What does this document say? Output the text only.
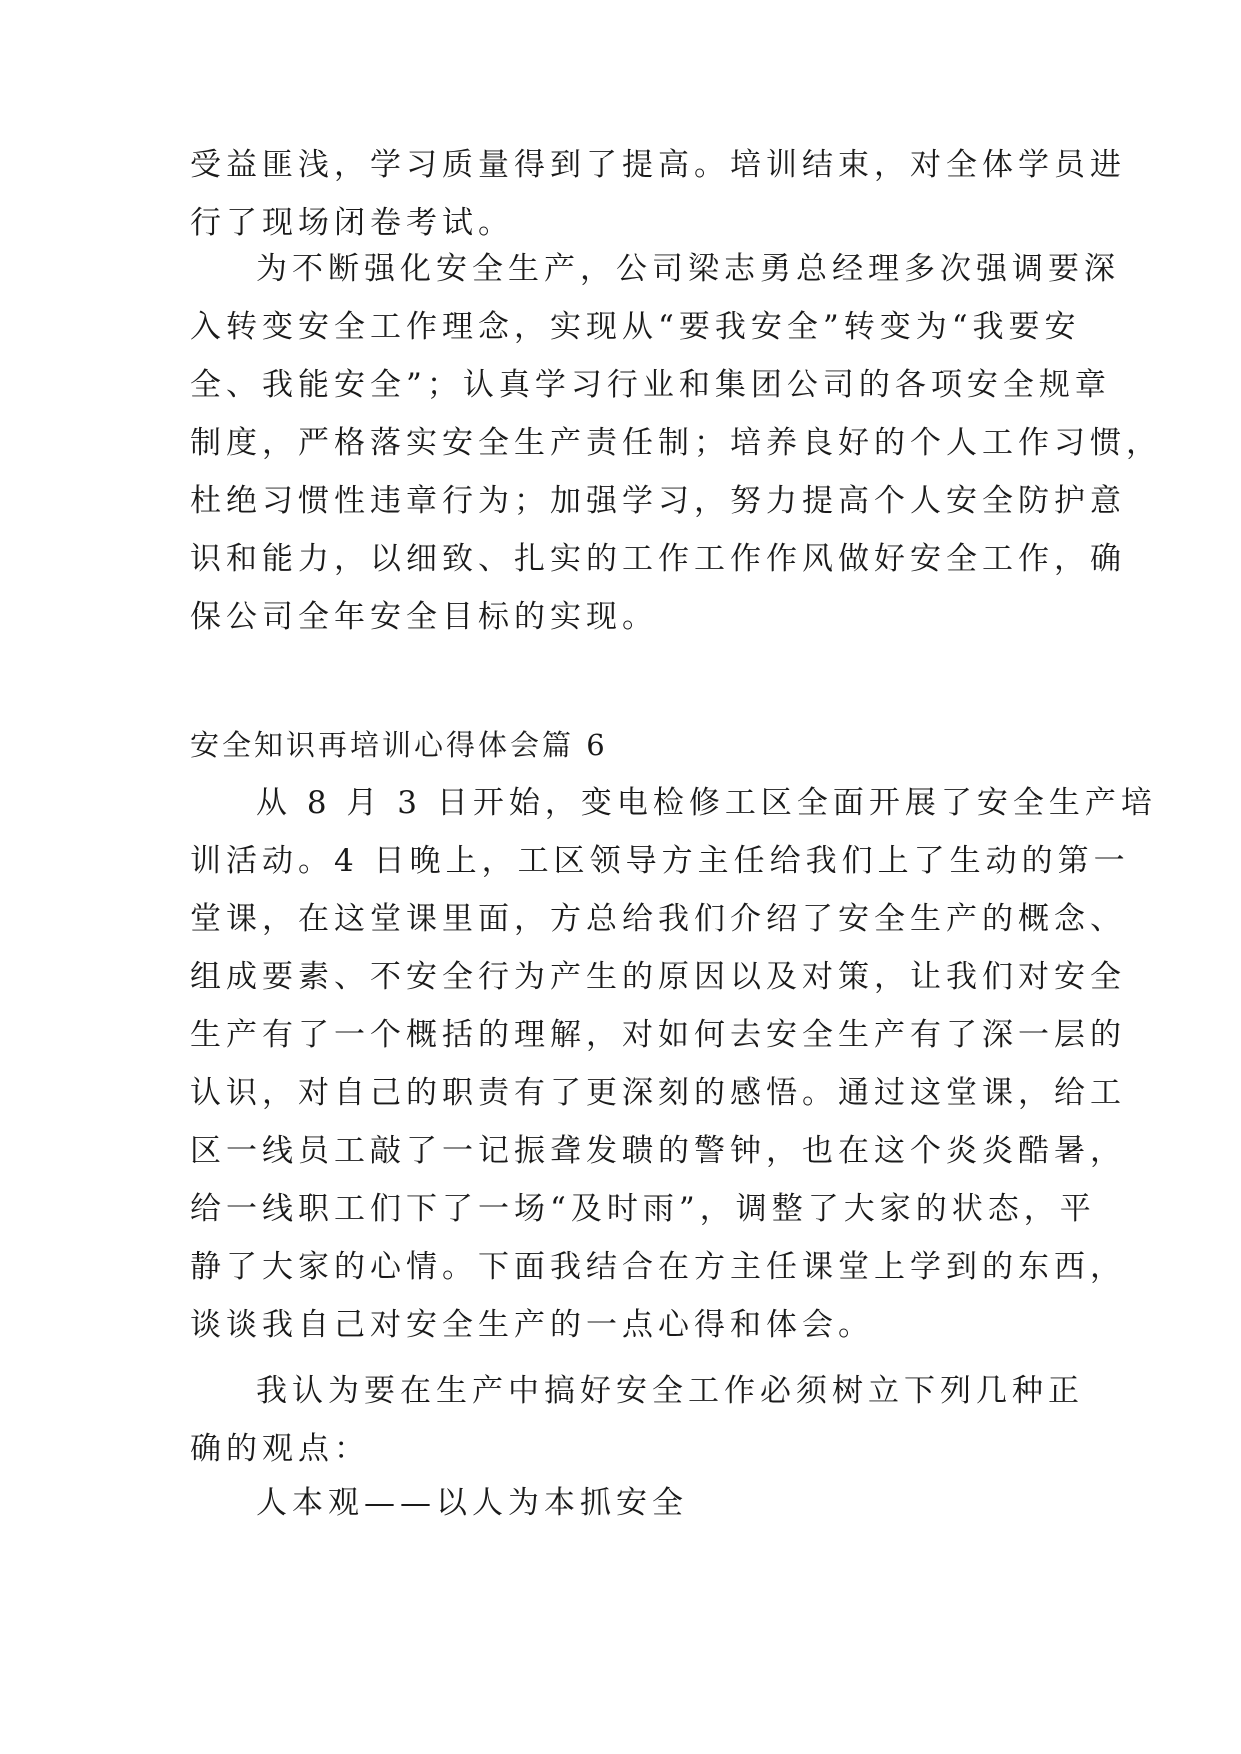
受益匪浅，学习质量得到了提高。培训结束，对全体学员进
行了现场闭卷考试。
为不断强化安全生产，公司梁志勇总经理多次强调要深
入转变安全工作理念，实现从“要我安全”转变为“我要安
全、我能安全”；认真学习行业和集团公司的各项安全规章
制度，严格落实安全生产责任制；培养良好的个人工作习惯，
杜绝习惯性违章行为；加强学习，努力提高个人安全防护意
识和能力，以细致、扎实的工作工作作风做好安全工作，确
保公司全年安全目标的实现。
安全知识再培训心得体会篇 6
从 8 月 3 日开始，变电检修工区全面开展了安全生产培
训活动。4 日晚上，工区领导方主任给我们上了生动的第一
堂课，在这堂课里面，方总给我们介绍了安全生产的概念、
组成要素、不安全行为产生的原因以及对策，让我们对安全
生产有了一个概括的理解，对如何去安全生产有了深一层的
认识，对自己的职责有了更深刻的感悟。通过这堂课，给工
区一线员工敲了一记振聋发聩的警钟，也在这个炎炎酷暑，
给一线职工们下了一场“及时雨”，调整了大家的状态，平
静了大家的心情。下面我结合在方主任课堂上学到的东西，
谈谈我自己对安全生产的一点心得和体会。
我认为要在生产中搞好安全工作必须树立下列几种正
确的观点：
人本观——以人为本抓安全
